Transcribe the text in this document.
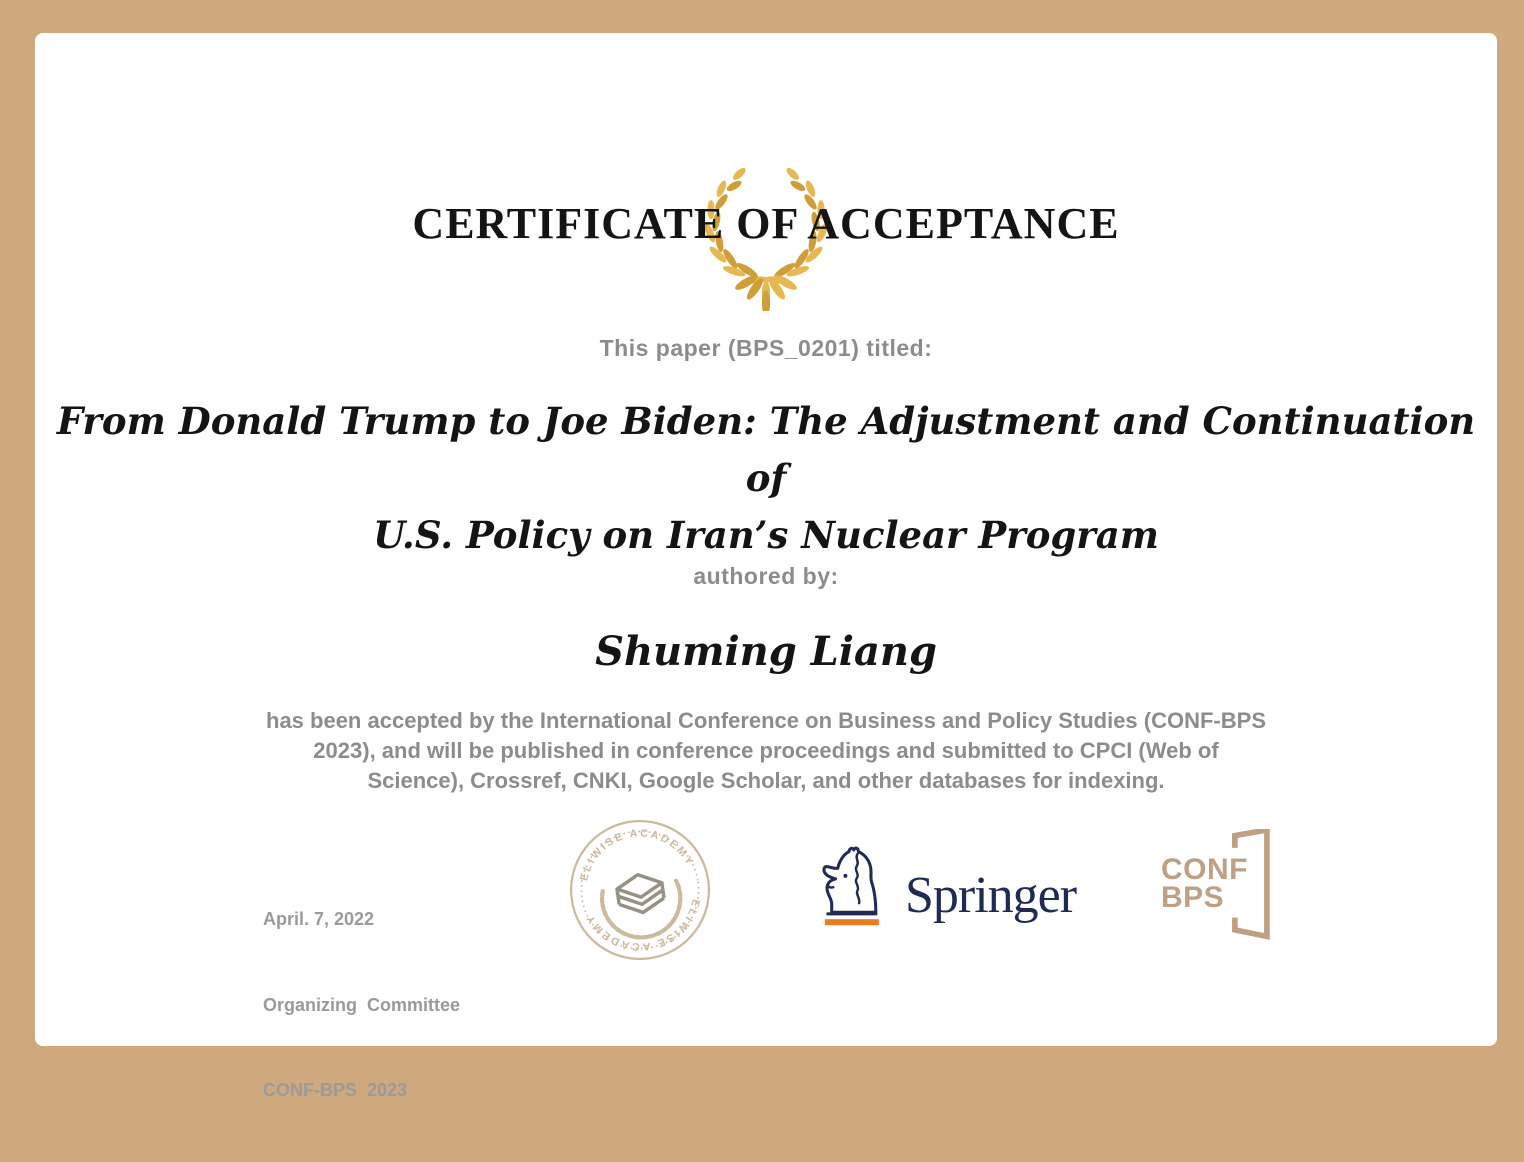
CERTIFICATE OF ACCEPTANCE

This paper (BPS_0201) titled:

From Donald Trump to Joe Biden: The Adjustment and Continuation of
U.S. Policy on Iran’s Nuclear Program

authored by:

Shuming Liang

has been accepted by the International Conference on Business and Policy Studies (CONF-BPS 2023), and will be published in conference proceedings and submitted to CPCI (Web of Science), Crossref, CNKI, Google Scholar, and other databases for indexing.

April. 7, 2022

Organizing  Committee

CONF-BPS  2023

ELIWISE ACADEMY
ELIWISE ACADEMY	Springer	CONF
BPS
